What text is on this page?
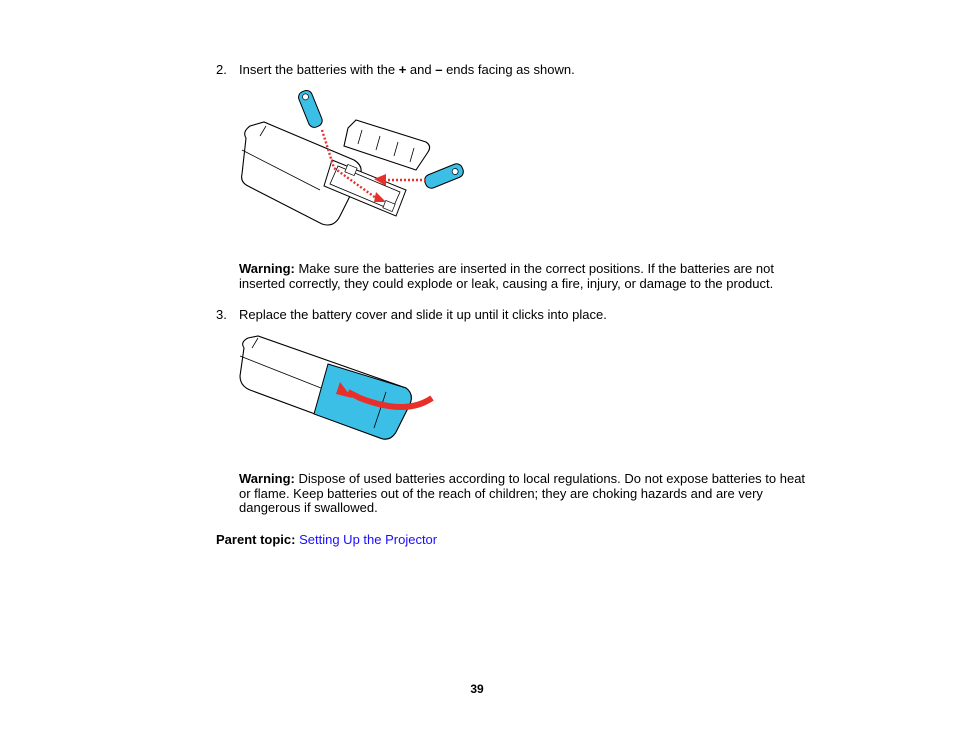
2. Insert the batteries with the + and – ends facing as shown.
Warning: Make sure the batteries are inserted in the correct positions. If the batteries are not
inserted correctly, they could explode or leak, causing a fire, injury, or damage to the product.
3. Replace the battery cover and slide it up until it clicks into place.
Warning: Dispose of used batteries according to local regulations. Do not expose batteries to heat
or flame. Keep batteries out of the reach of children; they are choking hazards and are very
dangerous if swallowed.
Parent topic: Setting Up the Projector
39
